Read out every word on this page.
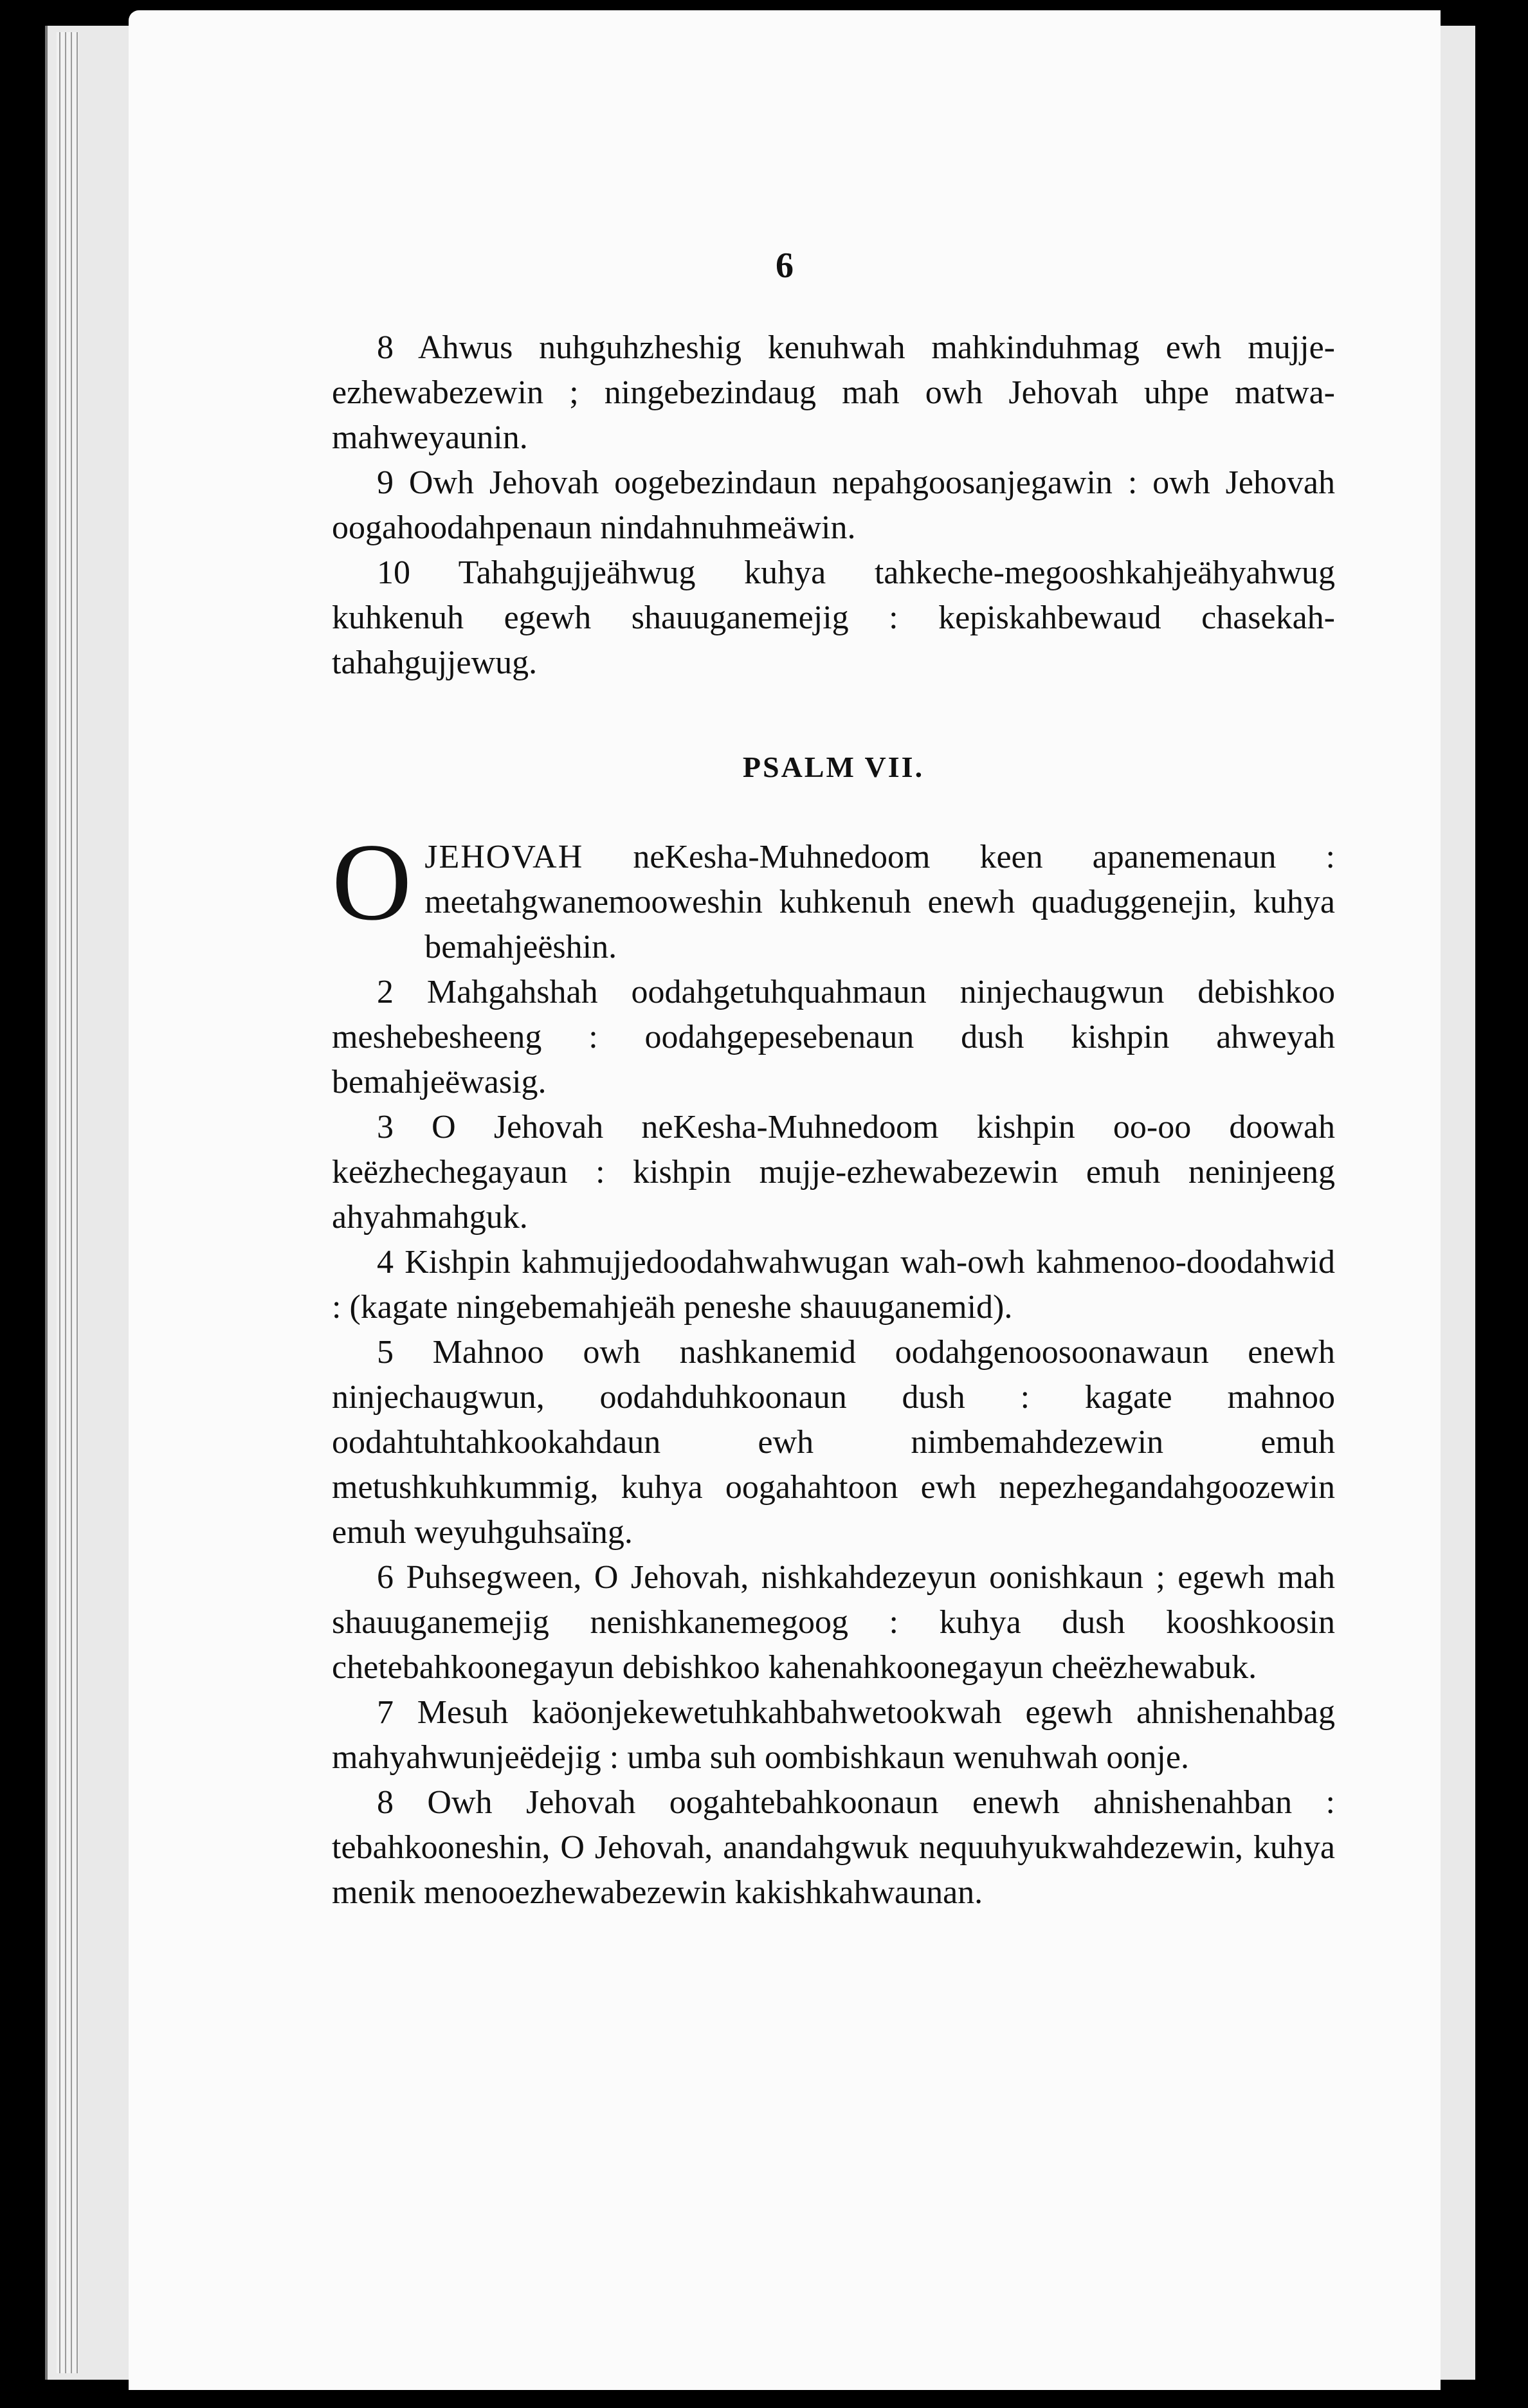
6

8 Ahwus nuhguhzheshig kenuhwah mahkinduhmag ewh mujje-ezhewabezewin ; ningebezindaug mah owh Jehovah uhpe matwa-mahweyaunin.

9 Owh Jehovah oogebezindaun nepahgoosanjegawin : owh Jehovah oogahoodahpenaun nindahnuhmeäwin.

10 Tahahgujjeähwug kuhya tahkeche-megooshkahjeähyahwug kuhkenuh egewh shauuganemejig : kepiskahbewaud chasekah-tahahgujjewug.

PSALM VII.

OJEHOVAH neKesha-Muhnedoom keen apanemenaun : meetahgwanemooweshin kuhkenuh enewh quaduggenejin, kuhya bemahjeëshin.

2 Mahgahshah oodahgetuhquahmaun ninjechaugwun debishkoo meshebesheeng : oodahgepesebenaun dush kishpin ahweyah bemahjeëwasig.

3 O Jehovah neKesha-Muhnedoom kishpin oo-oo doowah keëzhechegayaun : kishpin mujje-ezhewabezewin emuh neninjeeng ahyahmahguk.

4 Kishpin kahmujjedoodahwahwugan wah-owh kahmenoo-doodahwid : (kagate ningebemahjeäh peneshe shauuganemid).

5 Mahnoo owh nashkanemid oodahgenoosoonawaun enewh ninjechaugwun, oodahduhkoonaun dush : kagate mahnoo oodahtuhtahkookahdaun ewh nimbemahdezewin emuh metushkuhkummig, kuhya oogahahtoon ewh nepezhegandahgoozewin emuh weyuhguhsaïng.

6 Puhsegween, O Jehovah, nishkahdezeyun oonishkaun ; egewh mah shauuganemejig nenishkanemegoog : kuhya dush kooshkoosin chetebahkoonegayun debishkoo kahenahkoonegayun cheëzhewabuk.

7 Mesuh kaöonjekewetuhkahbahwetookwah egewh ahnishenahbag mahyahwunjeëdejig : umba suh oombishkaun wenuhwah oonje.

8 Owh Jehovah oogahtebahkoonaun enewh ahnishenahban : tebahkooneshin, O Jehovah, anandahgwuk nequuhyukwahdezewin, kuhya menik menooezhewabezewin kakishkahwaunan.
